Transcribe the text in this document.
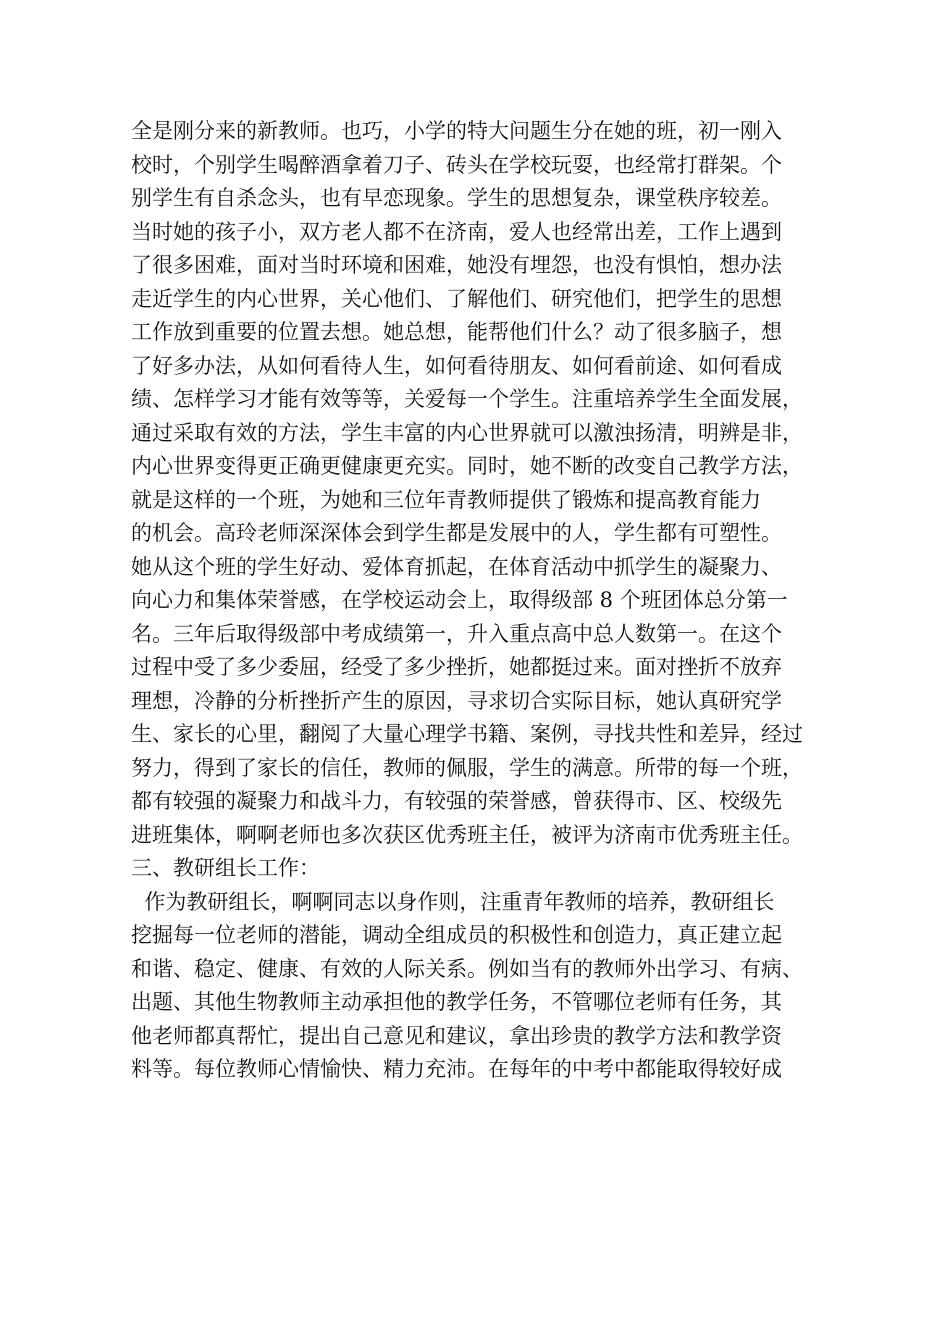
全是刚分来的新教师。也巧，小学的特大问题生分在她的班，初一刚入
校时，个别学生喝醉酒拿着刀子、砖头在学校玩耍，也经常打群架。个
别学生有自杀念头，也有早恋现象。学生的思想复杂，课堂秩序较差。
当时她的孩子小，双方老人都不在济南，爱人也经常出差，工作上遇到
了很多困难，面对当时环境和困难，她没有埋怨，也没有惧怕，想办法
走近学生的内心世界，关心他们、了解他们、研究他们，把学生的思想
工作放到重要的位置去想。她总想，能帮他们什么？动了很多脑子，想
了好多办法，从如何看待人生，如何看待朋友、如何看前途、如何看成
绩、怎样学习才能有效等等，关爱每一个学生。注重培养学生全面发展，
通过采取有效的方法，学生丰富的内心世界就可以激浊扬清，明辨是非，
内心世界变得更正确更健康更充实。同时，她不断的改变自己教学方法，
就是这样的一个班，为她和三位年青教师提供了锻炼和提高教育能力
的机会。高玲老师深深体会到学生都是发展中的人，学生都有可塑性。
她从这个班的学生好动、爱体育抓起，在体育活动中抓学生的凝聚力、
向心力和集体荣誉感，在学校运动会上，取得级部 8 个班团体总分第一
名。三年后取得级部中考成绩第一，升入重点高中总人数第一。在这个
过程中受了多少委屈，经受了多少挫折，她都挺过来。面对挫折不放弃
理想，冷静的分析挫折产生的原因，寻求切合实际目标，她认真研究学
生、家长的心里，翻阅了大量心理学书籍、案例，寻找共性和差异，经过
努力，得到了家长的信任，教师的佩服，学生的满意。所带的每一个班，
都有较强的凝聚力和战斗力，有较强的荣誉感，曾获得市、区、校级先
进班集体，啊啊老师也多次获区优秀班主任，被评为济南市优秀班主任。
三、教研组长工作：
作为教研组长，啊啊同志以身作则，注重青年教师的培养，教研组长
挖掘每一位老师的潜能，调动全组成员的积极性和创造力，真正建立起
和谐、稳定、健康、有效的人际关系。例如当有的教师外出学习、有病、
出题、其他生物教师主动承担他的教学任务，不管哪位老师有任务，其
他老师都真帮忙，提出自己意见和建议，拿出珍贵的教学方法和教学资
料等。每位教师心情愉快、精力充沛。在每年的中考中都能取得较好成
